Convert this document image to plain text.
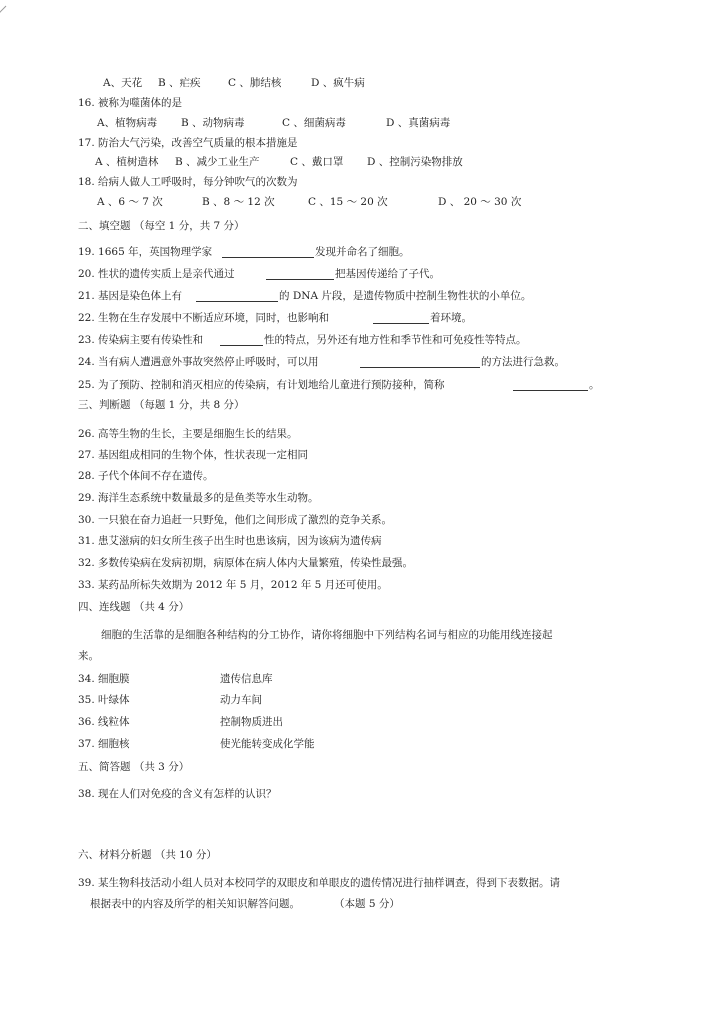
A、天花 B 、疟疾	C 、肺结核	D 、疯牛病
16. 被称为噬菌体的是
A、植物病毒 B 、动物病毒	C 、细菌病毒	D 、真菌病毒
17. 防治大气污染，改善空气质量的根本措施是
A 、植树造林 B 、减少工业生产	C 、戴口罩 D 、控制污染物排放
18. 给病人做人工呼吸时，每分钟吹气的次数为
A 、6 ～ 7 次	B 、8 ～ 12 次	C 、15 ～ 20 次	D 、 20 ～ 30 次
二、填空题 （每空 1 分，共 7 分）
19. 1665 年，英国物理学家	发现并命名了细胞。
20. 性状的遗传实质上是亲代通过	把基因传递给了子代。
21. 基因是染色体上有	的 DNA 片段，是遗传物质中控制生物性状的小单位。
22. 生物在生存发展中不断适应环境，同时，也影响和	着环境。
23. 传染病主要有传染性和	性的特点，另外还有地方性和季节性和可免疫性等特点。
24. 当有病人遭遇意外事故突然停止呼吸时，可以用	的方法进行急救。
25. 为了预防、控制和消灭相应的传染病，有计划地给儿童进行预防接种，简称	。
三、判断题 （每题 1 分，共 8 分）
26. 高等生物的生长，主要是细胞生长的结果。
27. 基因组成相同的生物个体，性状表现一定相同
28. 子代个体间不存在遗传。
29. 海洋生态系统中数量最多的是鱼类等水生动物。
30. 一只狼在奋力追赶一只野兔，他们之间形成了激烈的竞争关系。
31. 患艾滋病的妇女所生孩子出生时也患该病，因为该病为遗传病
32. 多数传染病在发病初期，病原体在病人体内大量繁殖，传染性最强。
33. 某药品所标失效期为 2012 年 5 月，2012 年 5 月还可使用。
四、连线题 （共 4 分）
细胞的生活靠的是细胞各种结构的分工协作，请你将细胞中下列结构名词与相应的功能用线连接起
来。
34. 细胞膜	遗传信息库
35. 叶绿体	动力车间
36. 线粒体	控制物质进出
37. 细胞核	使光能转变成化学能
五、简答题 （共 3 分）
38. 现在人们对免疫的含义有怎样的认识？
六、材料分析题 （共 10 分）
39. 某生物科技活动小组人员对本校同学的双眼皮和单眼皮的遗传情况进行抽样调查，得到下表数据。请
根据表中的内容及所学的相关知识解答问题。	（本题 5 分）
